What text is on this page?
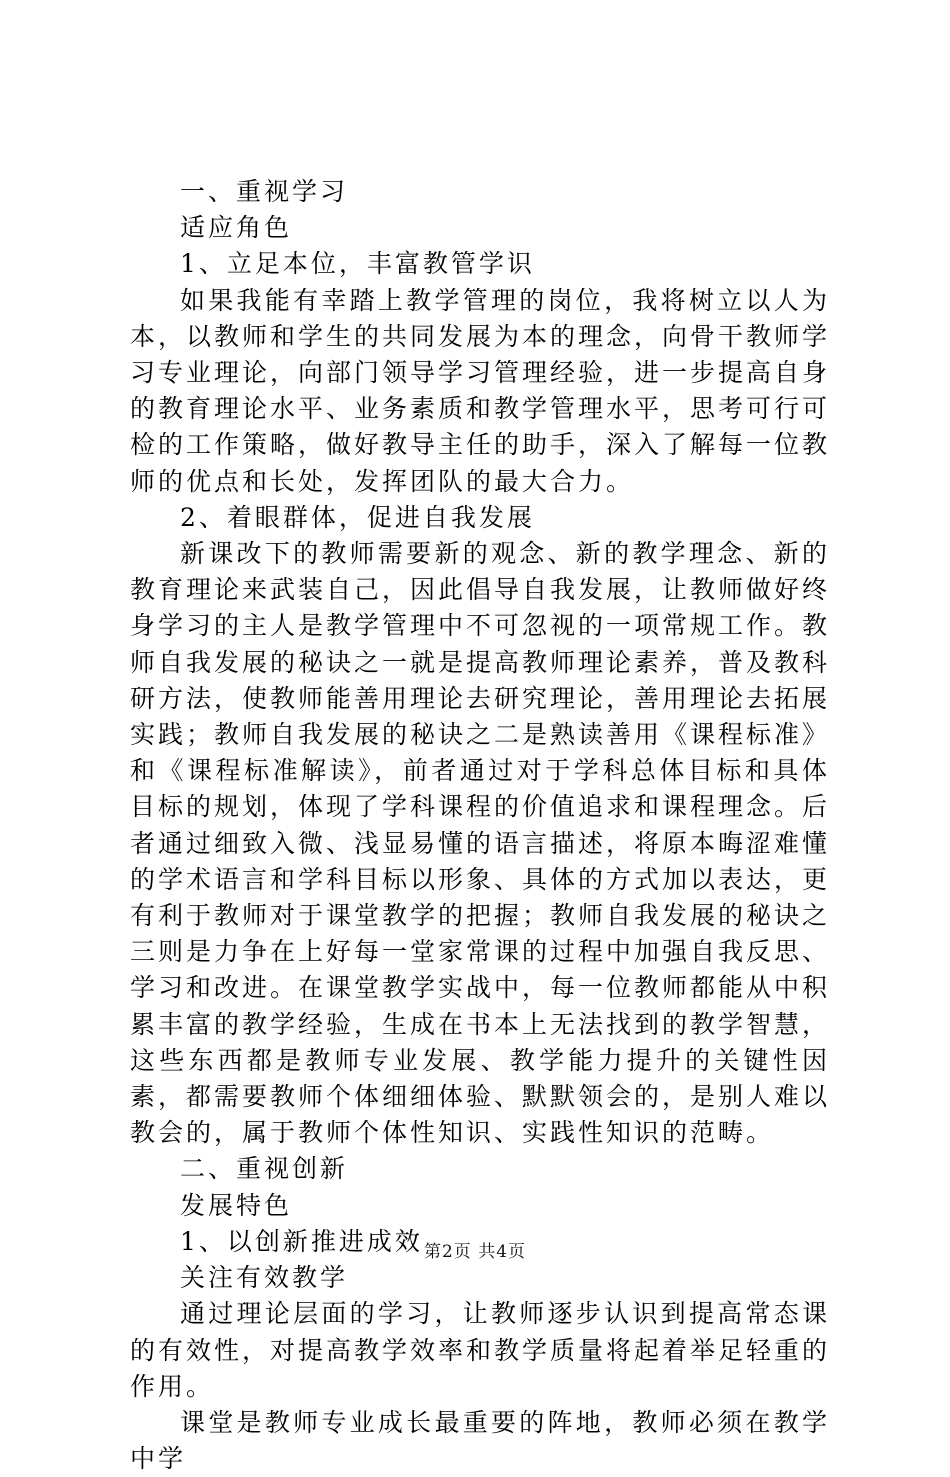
一、重视学习
适应角色
1、立足本位，丰富教管学识
如果我能有幸踏上教学管理的岗位，我将树立以人为本，以教师和学生的共同发展为本的理念，向骨干教师学习专业理论，向部门领导学习管理经验，进一步提高自身的教育理论水平、业务素质和教学管理水平，思考可行可检的工作策略，做好教导主任的助手，深入了解每一位教师的优点和长处，发挥团队的最大合力。
2、着眼群体，促进自我发展
新课改下的教师需要新的观念、新的教学理念、新的教育理论来武装自己，因此倡导自我发展，让教师做好终身学习的主人是教学管理中不可忽视的一项常规工作。教师自我发展的秘诀之一就是提高教师理论素养，普及教科研方法，使教师能善用理论去研究理论，善用理论去拓展实践；教师自我发展的秘诀之二是熟读善用《课程标准》和《课程标准解读》，前者通过对于学科总体目标和具体目标的规划，体现了学科课程的价值追求和课程理念。后者通过细致入微、浅显易懂的语言描述，将原本晦涩难懂的学术语言和学科目标以形象、具体的方式加以表达，更有利于教师对于课堂教学的把握；教师自我发展的秘诀之三则是力争在上好每一堂家常课的过程中加强自我反思、学习和改进。在课堂教学实战中，每一位教师都能从中积累丰富的教学经验，生成在书本上无法找到的教学智慧，这些东西都是教师专业发展、教学能力提升的关键性因素，都需要教师个体细细体验、默默领会的，是别人难以教会的，属于教师个体性知识、实践性知识的范畴。
二、重视创新
发展特色
1、以创新推进成效
关注有效教学
通过理论层面的学习，让教师逐步认识到提高常态课的有效性，对提高教学效率和教学质量将起着举足轻重的作用。
课堂是教师专业成长最重要的阵地，教师必须在教学中学
第2页 共4页
